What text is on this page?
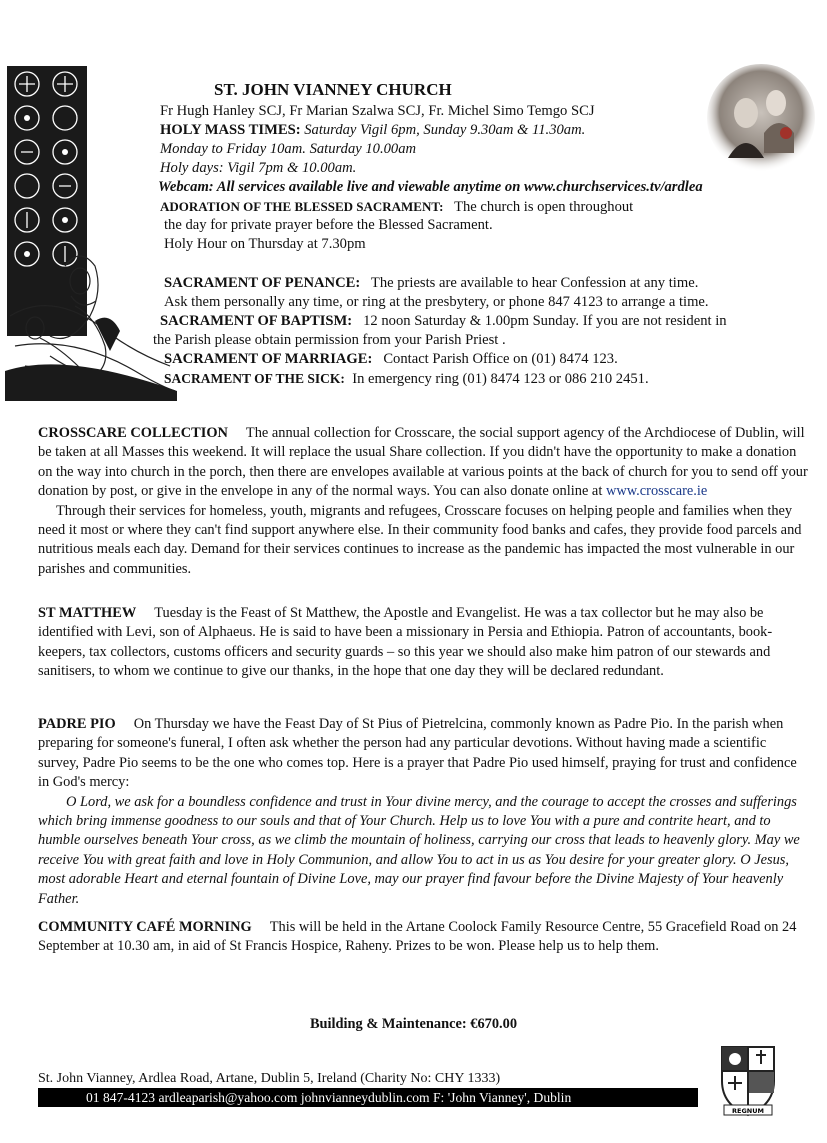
ST. JOHN VIANNEY CHURCH
Fr Hugh Hanley SCJ, Fr Marian Szalwa SCJ, Fr. Michel Simo Temgo SCJ
HOLY MASS TIMES: Saturday Vigil 6pm, Sunday 9.30am & 11.30am.
Monday to Friday 10am. Saturday 10.00am
Holy days: Vigil 7pm & 10.00am.
Webcam: All services available live and viewable anytime on www.churchservices.tv/ardlea
ADORATION OF THE BLESSED SACRAMENT: The church is open throughout
the day for private prayer before the Blessed Sacrament.
Holy Hour on Thursday at 7.30pm
SACRAMENT OF PENANCE: The priests are available to hear Confession at any time.
Ask them personally any time, or ring at the presbytery, or phone 847 4123 to arrange a time.
SACRAMENT OF BAPTISM: 12 noon Saturday & 1.00pm Sunday. If you are not resident in
the Parish please obtain permission from your Parish Priest .
SACRAMENT OF MARRIAGE: Contact Parish Office on (01) 8474 123.
SACRAMENT OF THE SICK: In emergency ring (01) 8474 123 or 086 210 2451.

CROSSCARE COLLECTION The annual collection for Crosscare, the social support agency of the Archdiocese of Dublin, will be taken at all Masses this weekend. It will replace the usual Share collection. If you didn't have the opportunity to make a donation on the way into church in the porch, then there are envelopes available at various points at the back of church for you to send off your donation by post, or give in the envelope in any of the normal ways. You can also donate online at www.crosscare.ie

Through their services for homeless, youth, migrants and refugees, Crosscare focuses on helping people and families when they need it most or where they can't find support anywhere else. In their community food banks and cafes, they provide food parcels and nutritious meals each day. Demand for their services continues to increase as the pandemic has impacted the most vulnerable in our parishes and communities.

ST MATTHEW Tuesday is the Feast of St Matthew, the Apostle and Evangelist. He was a tax collector but he may also be identified with Levi, son of Alphaeus. He is said to have been a missionary in Persia and Ethiopia. Patron of accountants, book-keepers, tax collectors, customs officers and security guards – so this year we should also make him patron of our stewards and sanitisers, to whom we continue to give our thanks, in the hope that one day they will be declared redundant.

PADRE PIO On Thursday we have the Feast Day of St Pius of Pietrelcina, commonly known as Padre Pio. In the parish when preparing for someone's funeral, I often ask whether the person had any particular devotions. Without having made a scientific survey, Padre Pio seems to be the one who comes top. Here is a prayer that Padre Pio used himself, praying for trust and confidence in God's mercy:

O Lord, we ask for a boundless confidence and trust in Your divine mercy, and the courage to accept the crosses and sufferings which bring immense goodness to our souls and that of Your Church. Help us to love You with a pure and contrite heart, and to humble ourselves beneath Your cross, as we climb the mountain of holiness, carrying our cross that leads to heavenly glory. May we receive You with great faith and love in Holy Communion, and allow You to act in us as You desire for your greater glory. O Jesus, most adorable Heart and eternal fountain of Divine Love, may our prayer find favour before the Divine Majesty of Your heavenly Father.

COMMUNITY CAFÉ MORNING This will be held in the Artane Coolock Family Resource Centre, 55 Gracefield Road on 24 September at 10.30 am, in aid of St Francis Hospice, Raheny. Prizes to be won. Please help us to help them.

Building & Maintenance: €670.00
St. John Vianney, Ardlea Road, Artane, Dublin 5, Ireland (Charity No: CHY 1333)
01 847-4123 ardleaparish@yahoo.com johnvianneydublin.com F: 'John Vianney', Dublin
REGNUM
